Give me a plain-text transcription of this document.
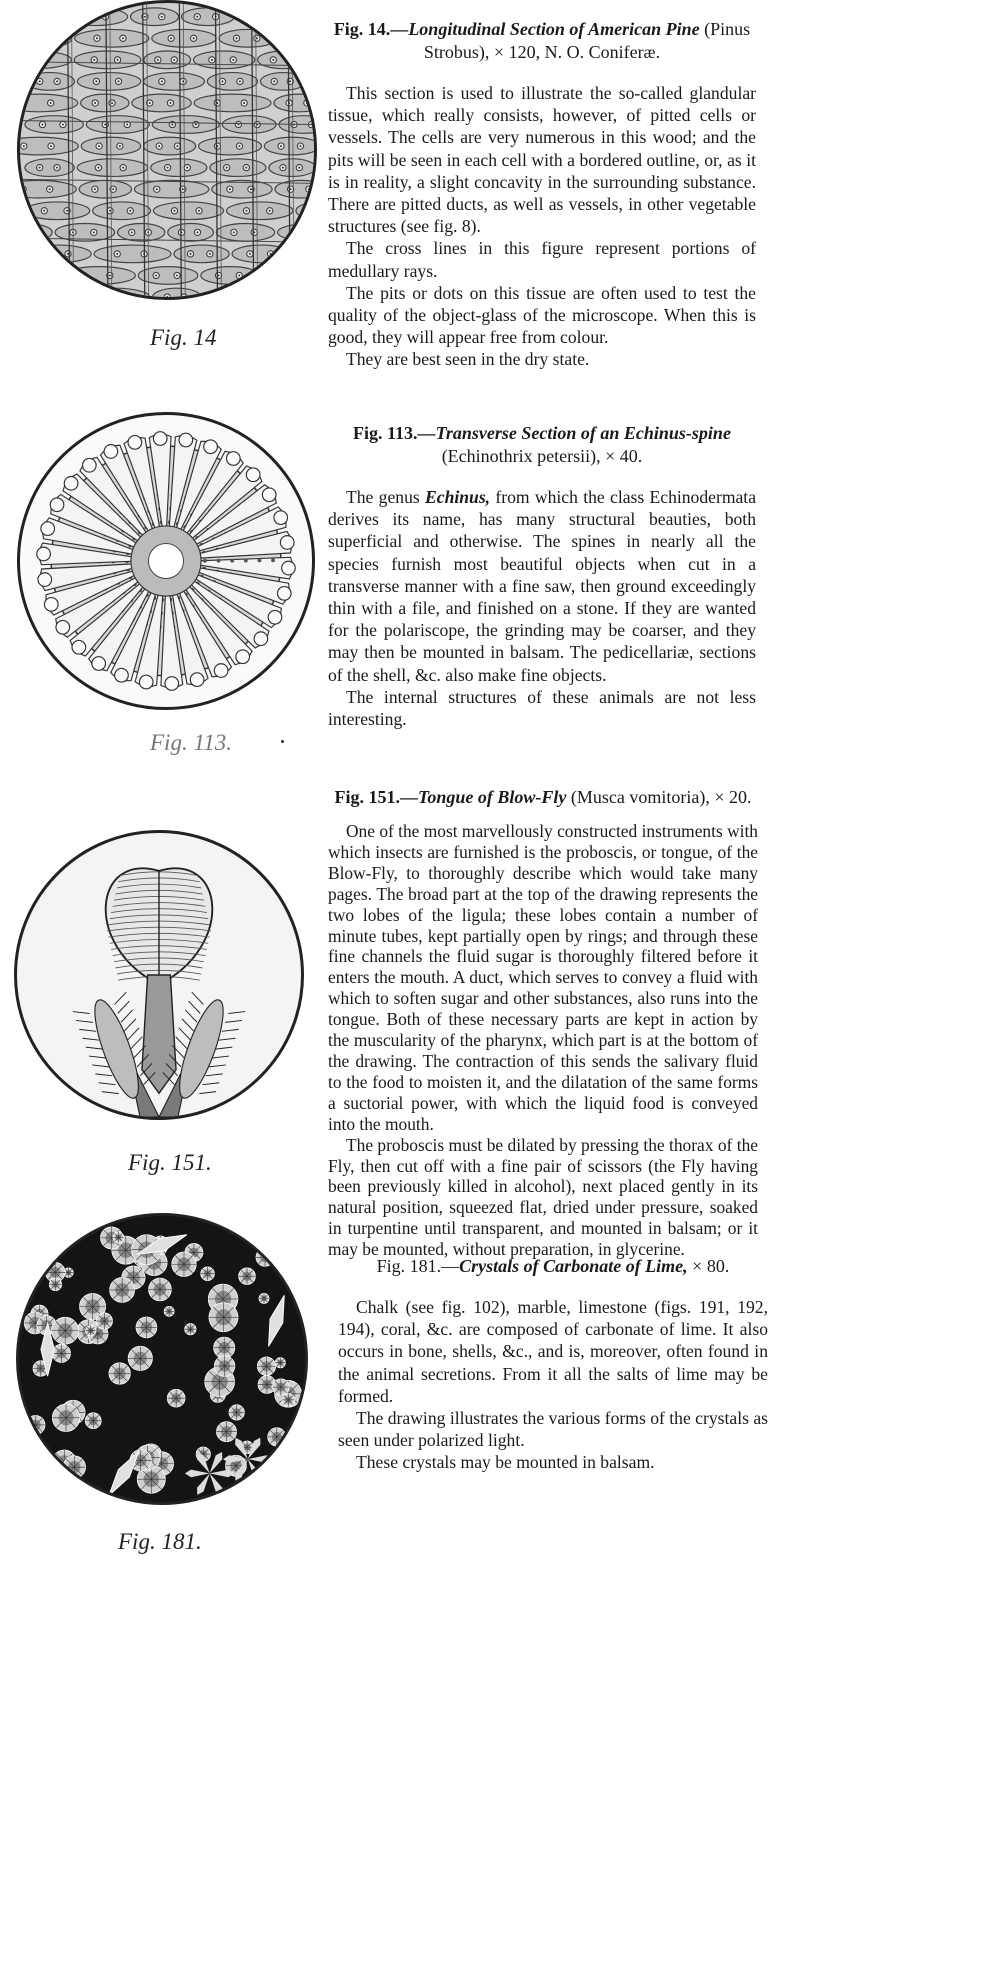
Fig. 14
Fig. 14.—Longitudinal Section of American Pine (Pinus Strobus), × 120, N. O. Coniferæ.

This section is used to illustrate the so-called glandular tissue, which really consists, however, of pitted cells or vessels. The cells are very numerous in this wood; and the pits will be seen in each cell with a bordered outline, or, as it is in reality, a slight concavity in the surrounding substance. There are pitted ducts, as well as vessels, in other vegetable structures (see fig. 8).

The cross lines in this figure represent portions of medullary rays.

The pits or dots on this tissue are often used to test the quality of the object-glass of the microscope. When this is good, they will appear free from colour.

They are best seen in the dry state.

Fig. 113.
Fig. 113.—Transverse Section of an Echinus-spine (Echinothrix petersii), × 40.

The genus Echinus, from which the class Echinodermata derives its name, has many structural beauties, both superficial and otherwise. The spines in nearly all the species furnish most beautiful objects when cut in a transverse manner with a fine saw, then ground exceedingly thin with a file, and finished on a stone. If they are wanted for the polariscope, the grinding may be coarser, and they may then be mounted in balsam. The pedicellariæ, sections of the shell, &c. also make fine objects.

The internal structures of these animals are not less interesting.

Fig. 151.
Fig. 151.—Tongue of Blow-Fly (Musca vomitoria), × 20.

One of the most marvellously constructed instruments with which insects are furnished is the proboscis, or tongue, of the Blow-Fly, to thoroughly describe which would take many pages. The broad part at the top of the drawing represents the two lobes of the ligula; these lobes contain a number of minute tubes, kept partially open by rings; and through these fine channels the fluid sugar is thoroughly filtered before it enters the mouth. A duct, which serves to convey a fluid with which to soften sugar and other substances, also runs into the tongue. Both of these necessary parts are kept in action by the muscularity of the pharynx, which part is at the bottom of the drawing. The contraction of this sends the salivary fluid to the food to moisten it, and the dilatation of the same forms a suctorial power, with which the liquid food is conveyed into the mouth.

The proboscis must be dilated by pressing the thorax of the Fly, then cut off with a fine pair of scissors (the Fly having been previously killed in alcohol), next placed gently in its natural position, squeezed flat, dried under pressure, soaked in turpentine until transparent, and mounted in balsam; or it may be mounted, without preparation, in glycerine.

Fig. 181.
Fig. 181.—Crystals of Carbonate of Lime, × 80.

Chalk (see fig. 102), marble, limestone (figs. 191, 192, 194), coral, &c. are composed of carbonate of lime. It also occurs in bone, shells, &c., and is, moreover, often found in the animal secretions. From it all the salts of lime may be formed.

The drawing illustrates the various forms of the crystals as seen under polarized light.

These crystals may be mounted in balsam.
